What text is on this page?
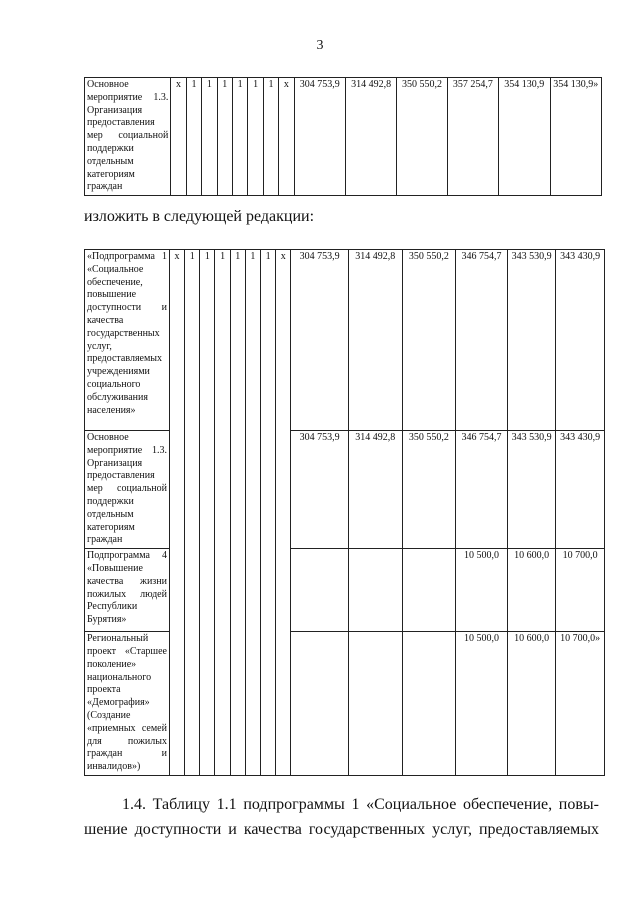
3
Основное мероприятие 1.3. Организация предоставления мер социальной поддержки отдельным категориям граждан	х	1	1	1	1	1	1	х	304 753,9	314 492,8	350 550,2	357 254,7	354 130,9	354 130,9»
изложить в следующей редакции:
«Подпрограмма 1 «Социальное обеспечение, повышение доступности и качества государственных услуг, предоставляемых учреждениями социального обслуживания населения»	х	1	1	1	1	1	1	х	304 753,9	314 492,8	350 550,2	346 754,7	343 530,9	343 430,9
Основное мероприятие 1.3. Организация предоставления мер социальной поддержки отдельным категориям граждан									304 753,9	314 492,8	350 550,2	346 754,7	343 530,9	343 430,9
Подпрограмма 4 «Повышение качества жизни пожилых людей Республики Бурятия»												10 500,0	10 600,0	10 700,0
Региональный проект «Старшее поколение» национального проекта «Демография» (Создание «приемных семей для пожилых граждан и инвалидов»)												10 500,0	10 600,0	10 700,0»
1.4. Таблицу 1.1 подпрограммы 1 «Социальное обеспечение, повы-
шение доступности и качества государственных услуг, предоставляемых
